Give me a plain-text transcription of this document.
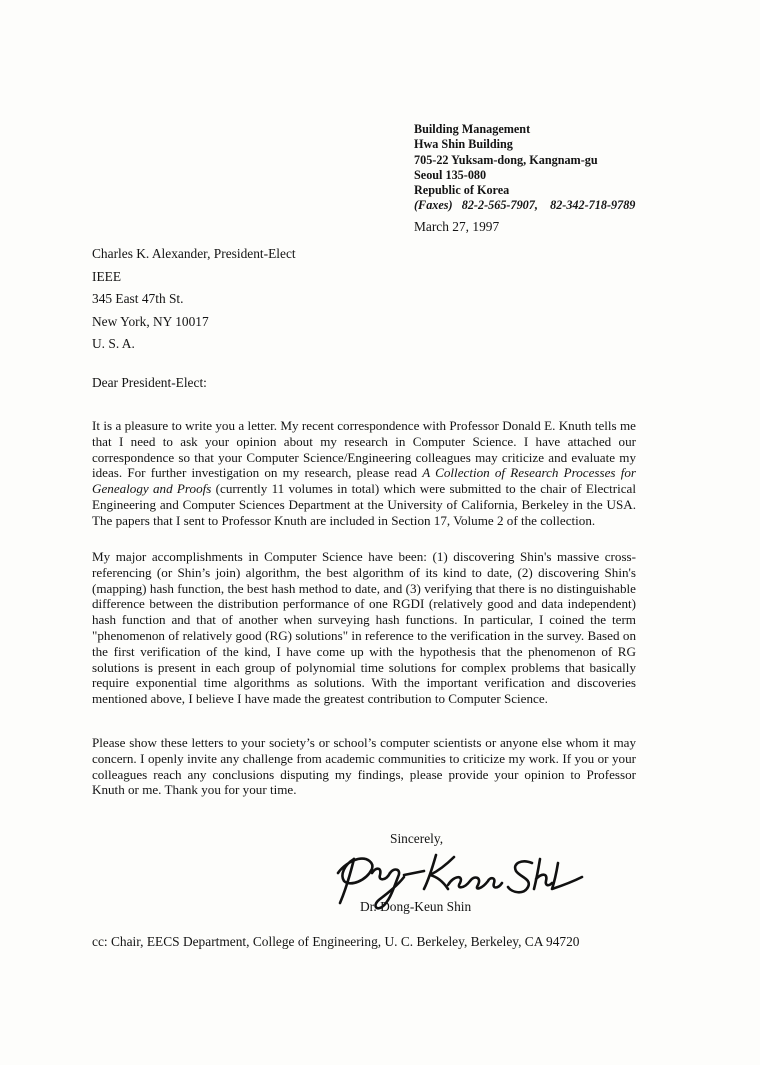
Building Management
Hwa Shin Building
705-22 Yuksam-dong, Kangnam-gu
Seoul 135-080
Republic of Korea
(Faxes) 82-2-565-7907, 82-342-718-9789
March 27, 1997
Charles K. Alexander, President-Elect
IEEE
345 East 47th St.
New York, NY 10017
U. S. A.
Dear President-Elect:
It is a pleasure to write you a letter. My recent correspondence with Professor Donald E. Knuth tells me that I need to ask your opinion about my research in Computer Science. I have attached our correspondence so that your Computer Science/Engineering colleagues may criticize and evaluate my ideas. For further investigation on my research, please read A Collection of Research Processes for Genealogy and Proofs (currently 11 volumes in total) which were submitted to the chair of Electrical Engineering and Computer Sciences Department at the University of California, Berkeley in the USA. The papers that I sent to Professor Knuth are included in Section 17, Volume 2 of the collection.
My major accomplishments in Computer Science have been: (1) discovering Shin's massive cross-referencing (or Shin’s join) algorithm, the best algorithm of its kind to date, (2) discovering Shin's (mapping) hash function, the best hash method to date, and (3) verifying that there is no distinguishable difference between the distribution performance of one RGDI (relatively good and data independent) hash function and that of another when surveying hash functions. In particular, I coined the term "phenomenon of relatively good (RG) solutions" in reference to the verification in the survey. Based on the first verification of the kind, I have come up with the hypothesis that the phenomenon of RG solutions is present in each group of polynomial time solutions for complex problems that basically require exponential time algorithms as solutions. With the important verification and discoveries mentioned above, I believe I have made the greatest contribution to Computer Science.
Please show these letters to your society’s or school’s computer scientists or anyone else whom it may concern. I openly invite any challenge from academic communities to criticize my work. If you or your colleagues reach any conclusions disputing my findings, please provide your opinion to Professor Knuth or me. Thank you for your time.
Sincerely,
Dr. Dong-Keun Shin
cc: Chair, EECS Department, College of Engineering, U. C. Berkeley, Berkeley, CA 94720
